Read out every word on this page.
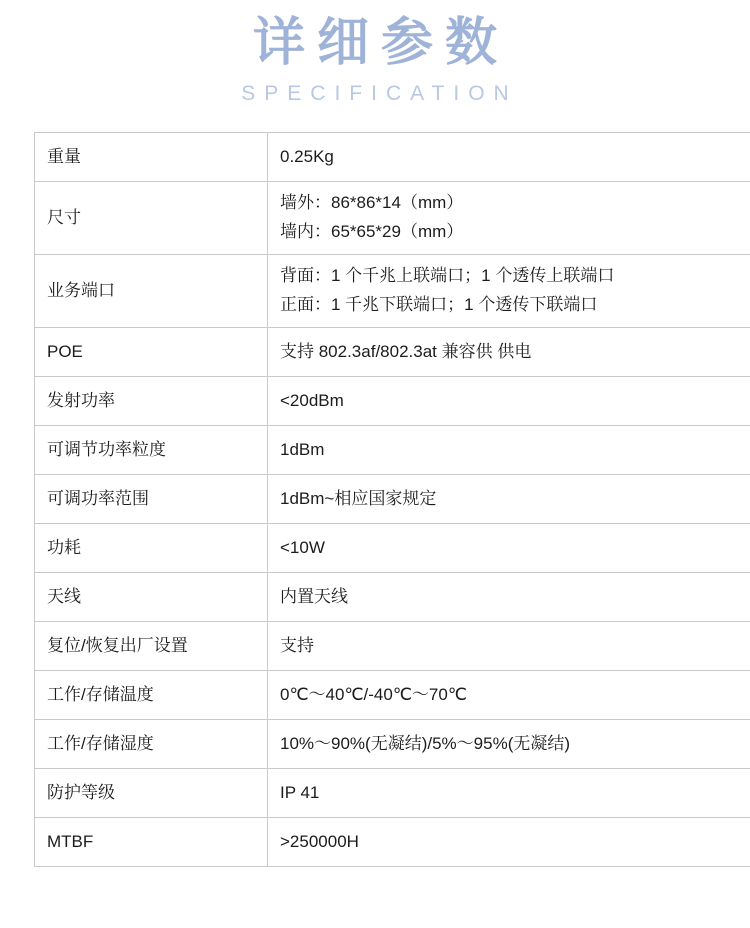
详细参数
SPECIFICATION
重量	0.25Kg

尺寸	墙外：86*86*14（mm）
墙内：65*65*29（mm）

业务端口	背面：1 个千兆上联端口；1 个透传上联端口
正面：1 千兆下联端口；1 个透传下联端口

POE	支持 802.3af/802.3at 兼容供 供电

发射功率	<20dBm

可调节功率粒度	1dBm

可调功率范围	1dBm~相应国家规定

功耗	<10W

天线	内置天线

复位/恢复出厂设置	支持

工作/存储温度	0℃～40℃/-40℃～70℃

工作/存储湿度	10%～90%(无凝结)/5%～95%(无凝结)

防护等级	IP 41

MTBF	>250000H
